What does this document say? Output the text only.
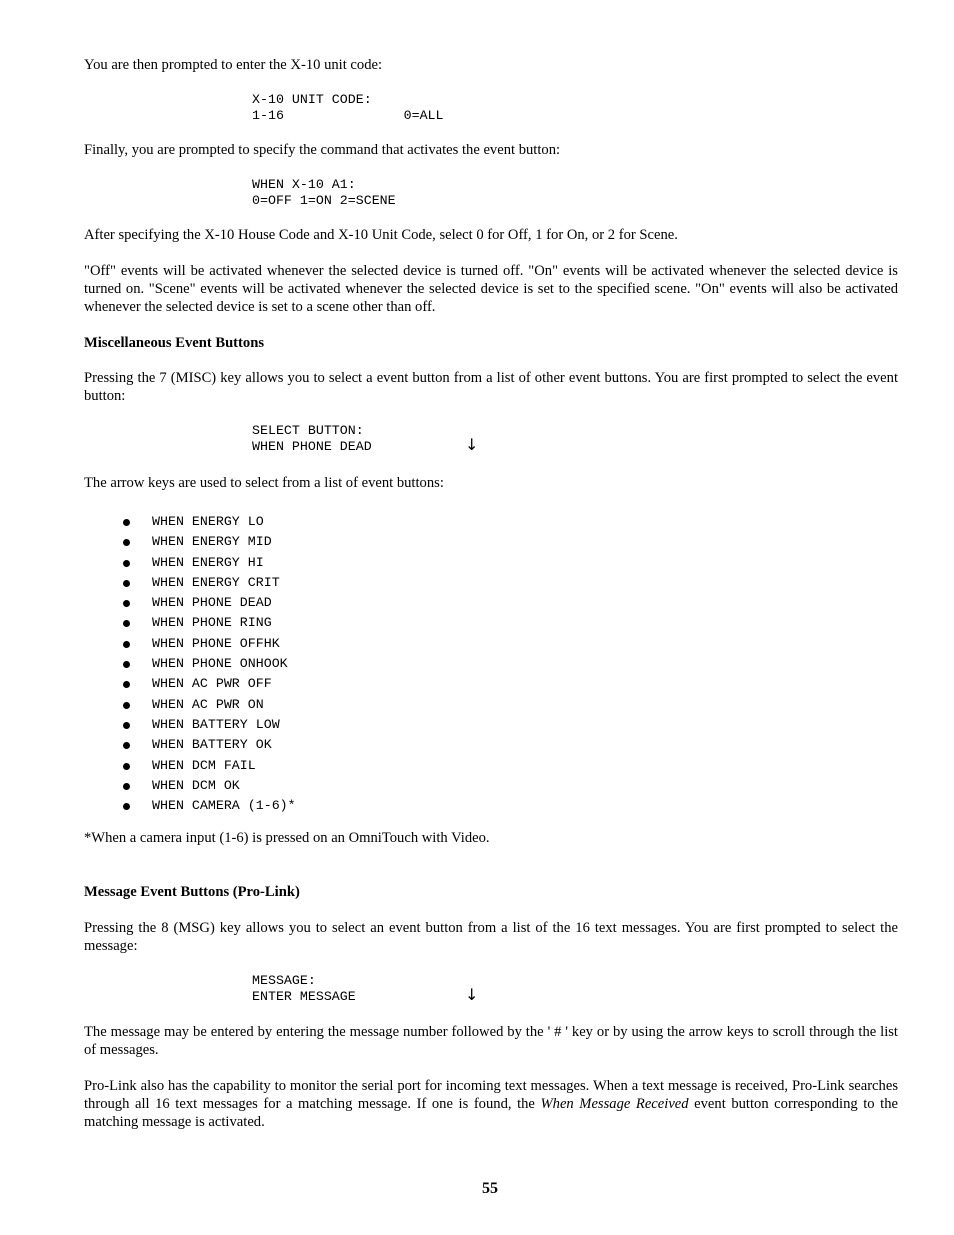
You are then prompted to enter the X-10 unit code:

X-10 UNIT CODE:
1-16               0=ALL

Finally, you are prompted to specify the command that activates the event button:

WHEN X-10 A1:
0=OFF 1=ON 2=SCENE

After specifying the X-10 House Code and X-10 Unit Code, select 0 for Off, 1 for On, or 2 for Scene.

"Off" events will be activated whenever the selected device is turned off. "On" events will be activated whenever the selected device is turned on. "Scene" events will be activated whenever the selected device is set to the specified scene. "On" events will also be activated whenever the selected device is set to a scene other than off.

Miscellaneous Event Buttons

Pressing the 7 (MISC) key allows you to select a event button from a list of other event buttons. You are first prompted to select the event button:

SELECT BUTTON:
WHEN PHONE DEAD	↓

The arrow keys are used to select from a list of event buttons:

WHEN ENERGY LO
WHEN ENERGY MID
WHEN ENERGY HI
WHEN ENERGY CRIT
WHEN PHONE DEAD
WHEN PHONE RING
WHEN PHONE OFFHK
WHEN PHONE ONHOOK
WHEN AC PWR OFF
WHEN AC PWR ON
WHEN BATTERY LOW
WHEN BATTERY OK
WHEN DCM FAIL
WHEN DCM OK
WHEN CAMERA (1-6)*

*When a camera input (1-6) is pressed on an OmniTouch with Video.

Message Event Buttons (Pro-Link)

Pressing the 8 (MSG) key allows you to select an event button from a list of the 16 text messages. You are first prompted to select the message:

MESSAGE:
ENTER MESSAGE	↓

The message may be entered by entering the message number followed by the ' # ' key or by using the arrow keys to scroll through the list of messages.

Pro-Link also has the capability to monitor the serial port for incoming text messages. When a text message is received, Pro-Link searches through all 16 text messages for a matching message. If one is found, the When Message Received event button corresponding to the matching message is activated.

55
